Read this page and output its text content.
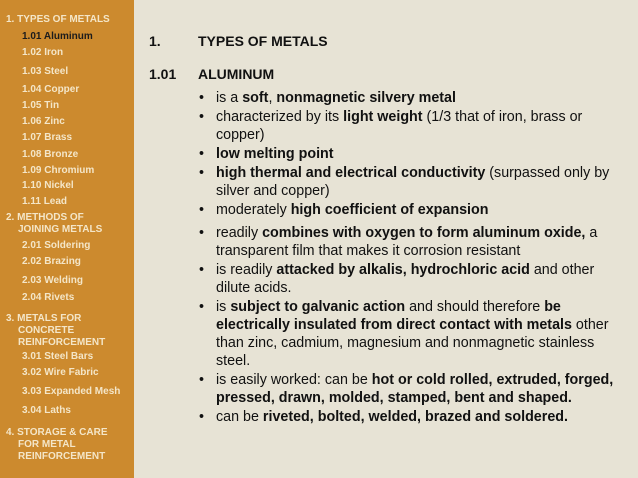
1. TYPES OF METALS
1.01 Aluminum
1.02 Iron
1.03 Steel
1.04 Copper
1.05 Tin
1.06 Zinc
1.07 Brass
1.08 Bronze
1.09 Chromium
1.10 Nickel
1.11 Lead
2. METHODS OF
JOINING METALS
2.01 Soldering
2.02 Brazing
2.03 Welding
2.04 Rivets
3. METALS FOR
CONCRETE
REINFORCEMENT
3.01 Steel Bars
3.02 Wire Fabric
3.03 Expanded Mesh
3.04 Laths
4. STORAGE & CARE
FOR METAL
REINFORCEMENT
1.	TYPES OF METALS
1.01 ALUMINUM
• is a soft, nonmagnetic silvery metal
• characterized by its light weight (1/3 that of iron, brass or copper)
• low melting point
• high thermal and electrical conductivity (surpassed only by silver and copper)
• moderately high coefficient of expansion
• readily combines with oxygen to form aluminum oxide, a transparent film that makes it corrosion resistant
• is readily attacked by alkalis, hydrochloric acid and other dilute acids.
• is subject to galvanic action and should therefore be electrically insulated from direct contact with metals other than zinc, cadmium, magnesium and nonmagnetic stainless steel.
• is easily worked: can be hot or cold rolled, extruded, forged, pressed, drawn, molded, stamped, bent and shaped.
• can be riveted, bolted, welded, brazed and soldered.
